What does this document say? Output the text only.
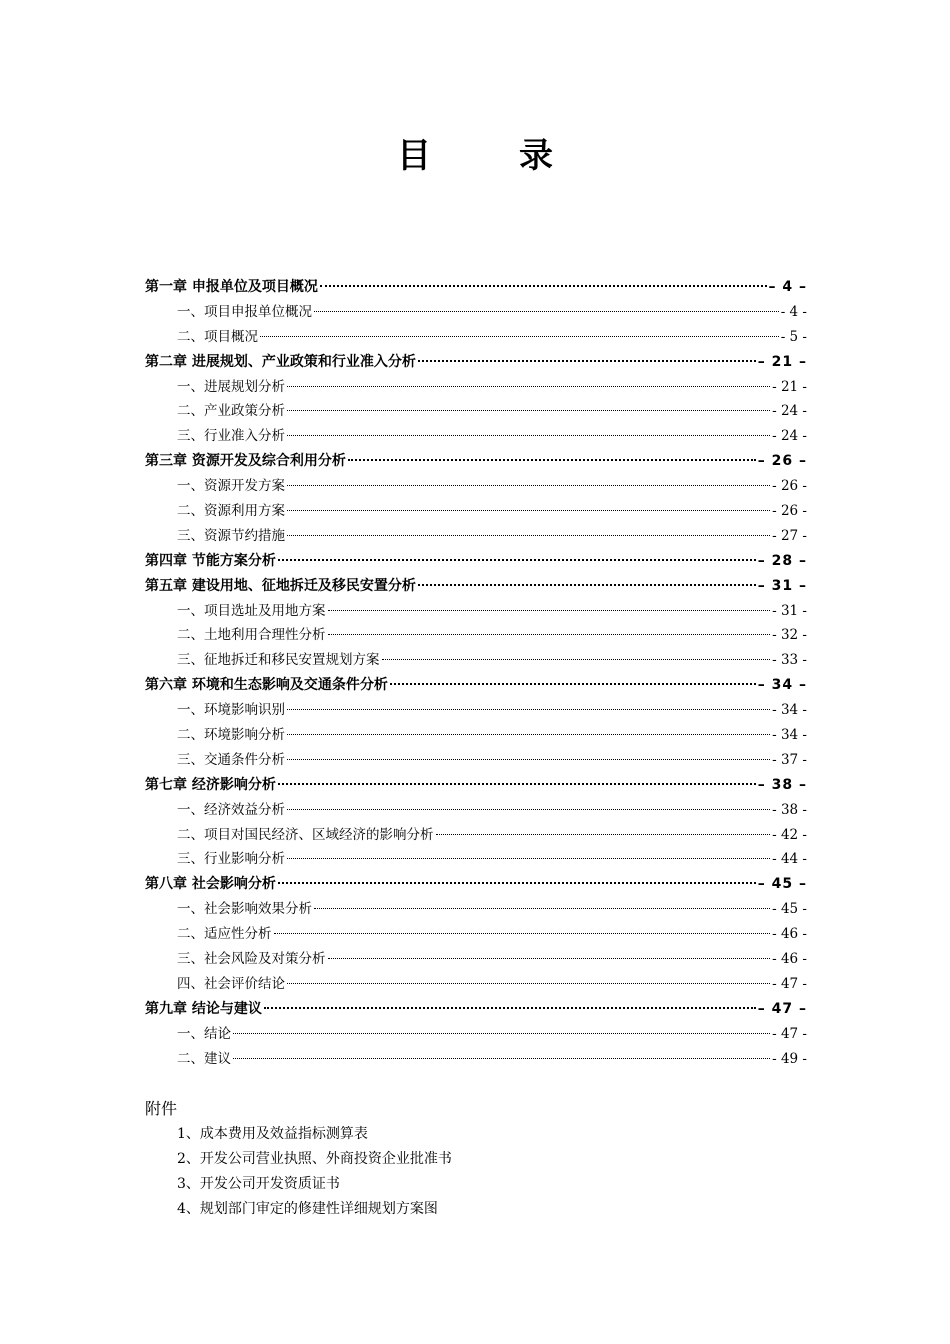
目	录
第一章 申报单位及项目概况	– 4 –
一、项目申报单位概况	- 4 -
二、项目概况	- 5 -
第二章 进展规划、产业政策和行业准入分析	– 21 –
一、进展规划分析	- 21 -
二、产业政策分析	- 24 -
三、行业准入分析	- 24 -
第三章 资源开发及综合利用分析	– 26 –
一、资源开发方案	- 26 -
二、资源利用方案	- 26 -
三、资源节约措施	- 27 -
第四章 节能方案分析	– 28 –
第五章 建设用地、征地拆迁及移民安置分析	– 31 –
一、项目选址及用地方案	- 31 -
二、土地利用合理性分析	- 32 -
三、征地拆迁和移民安置规划方案	- 33 -
第六章 环境和生态影响及交通条件分析	– 34 –
一、环境影响识别	- 34 -
二、环境影响分析	- 34 -
三、交通条件分析	- 37 -
第七章 经济影响分析	– 38 –
一、经济效益分析	- 38 -
二、项目对国民经济、区域经济的影响分析	- 42 -
三、行业影响分析	- 44 -
第八章 社会影响分析	– 45 –
一、社会影响效果分析	- 45 -
二、适应性分析	- 46 -
三、社会风险及对策分析	- 46 -
四、社会评价结论	- 47 -
第九章 结论与建议	– 47 –
一、结论	- 47 -
二、建议	- 49 -
附件
1、成本费用及效益指标测算表
2、开发公司营业执照、外商投资企业批准书
3、开发公司开发资质证书
4、规划部门审定的修建性详细规划方案图
